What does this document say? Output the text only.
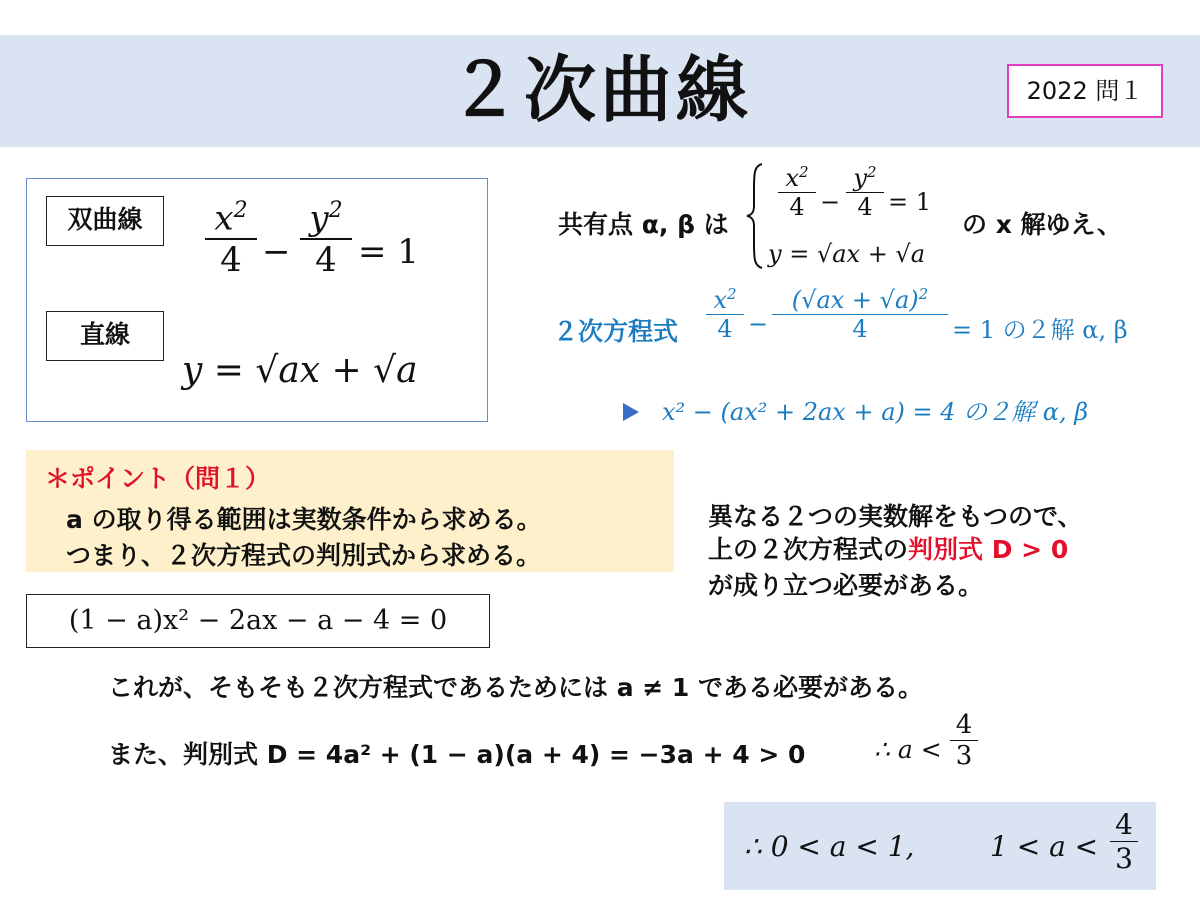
２次曲線	2022 問１
双曲線
直線
$x^2$
4 −
$y^2$
4 = 1
y = √ax + √a
共有点 α, β は
$x^2$
4 −
$y^2$
4 = 1
y = √ax + √a
の x 解ゆえ、
２次方程式
$x^2$
4 −
$(√ax + √a)^2$
4	= 1 の２解 α, β
x² − (ax² + 2ax + a) = 4 の２解 α, β
＊ポイント（問１）
a の取り得る範囲は実数条件から求める。
つまり、２次方程式の判別式から求める。
異なる２つの実数解をもつので、
上の２次方程式の判別式 D > 0
が成り立つ必要がある。
(1 − a)x² − 2ax − a − 4 = 0
これが、そもそも２次方程式であるためには a ≠ 1 である必要がある。
また、判別式 D = 4a² + (1 − a)(a + 4) = −3a + 4 > 0	∴ a <
4
3
∴ 0 < a < 1,	1 < a <
4
3
